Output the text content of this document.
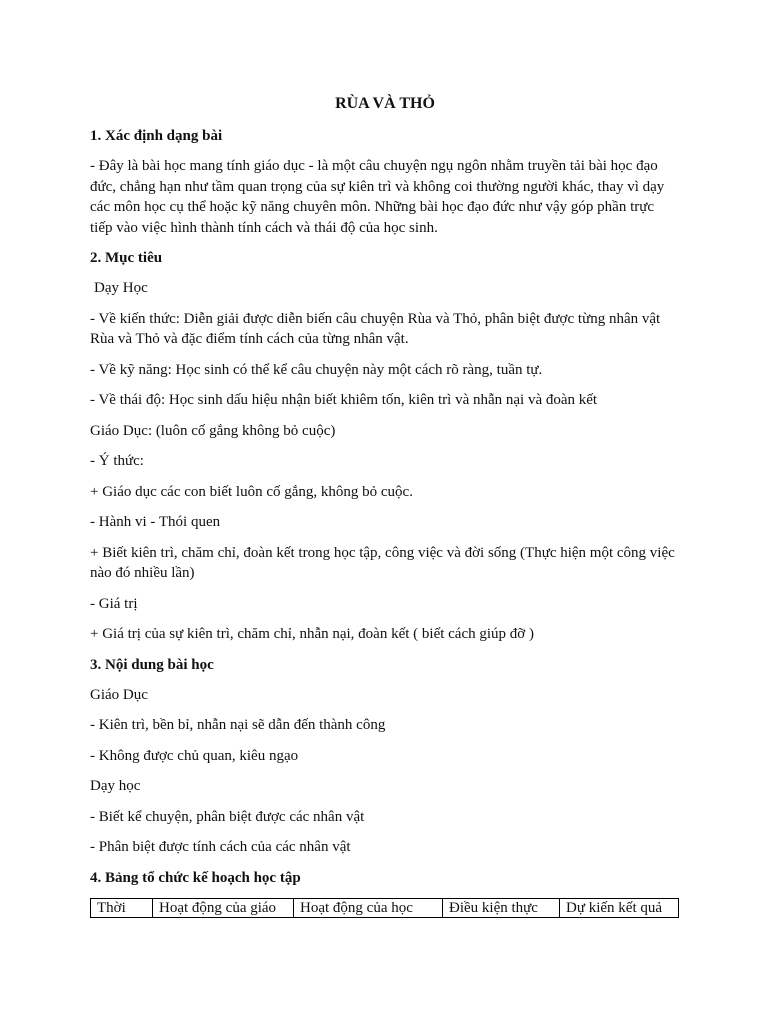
RÙA VÀ THỎ
1. Xác định dạng bài
- Đây là bài học mang tính giáo dục - là một câu chuyện ngụ ngôn nhằm truyền tải bài học đạo đức, chẳng hạn như tầm quan trọng của sự kiên trì và không coi thường người khác, thay vì dạy các môn học cụ thể hoặc kỹ năng chuyên môn. Những bài học đạo đức như vậy góp phần trực tiếp vào việc hình thành tính cách và thái độ của học sinh.
2. Mục tiêu
Dạy Học
- Về kiến thức: Diễn giải được diễn biến câu chuyện Rùa và Thỏ, phân biệt được từng nhân vật Rùa và Thỏ và đặc điểm tính cách của từng nhân vật.
- Về kỹ năng: Học sinh có thể kể câu chuyện này một cách rõ ràng, tuần tự.
- Về thái độ: Học sinh dấu hiệu nhận biết khiêm tốn, kiên trì và nhẫn nại và đoàn kết
Giáo Dục: (luôn cố gắng không bỏ cuộc)
- Ý thức:
+ Giáo dục các con biết luôn cố gắng, không bỏ cuộc.
- Hành vi - Thói quen
+ Biết kiên trì, chăm chỉ, đoàn kết trong học tập, công việc và đời sống (Thực hiện một công việc nào đó nhiều lần)
- Giá trị
+ Giá trị của sự kiên trì, chăm chỉ, nhẫn nại, đoàn kết ( biết cách giúp đỡ )
3. Nội dung bài học
Giáo Dục
- Kiên trì, bền bỉ, nhẫn nại sẽ dẫn đến thành công
- Không được chủ quan, kiêu ngạo
Dạy học
- Biết kể chuyện, phân biệt được các nhân vật
- Phân biệt được tính cách của các nhân vật
4. Bảng tổ chức kế hoạch học tập
Thời	Hoạt động của giáo	Hoạt động của học	Điều kiện thực	Dự kiến kết quả
